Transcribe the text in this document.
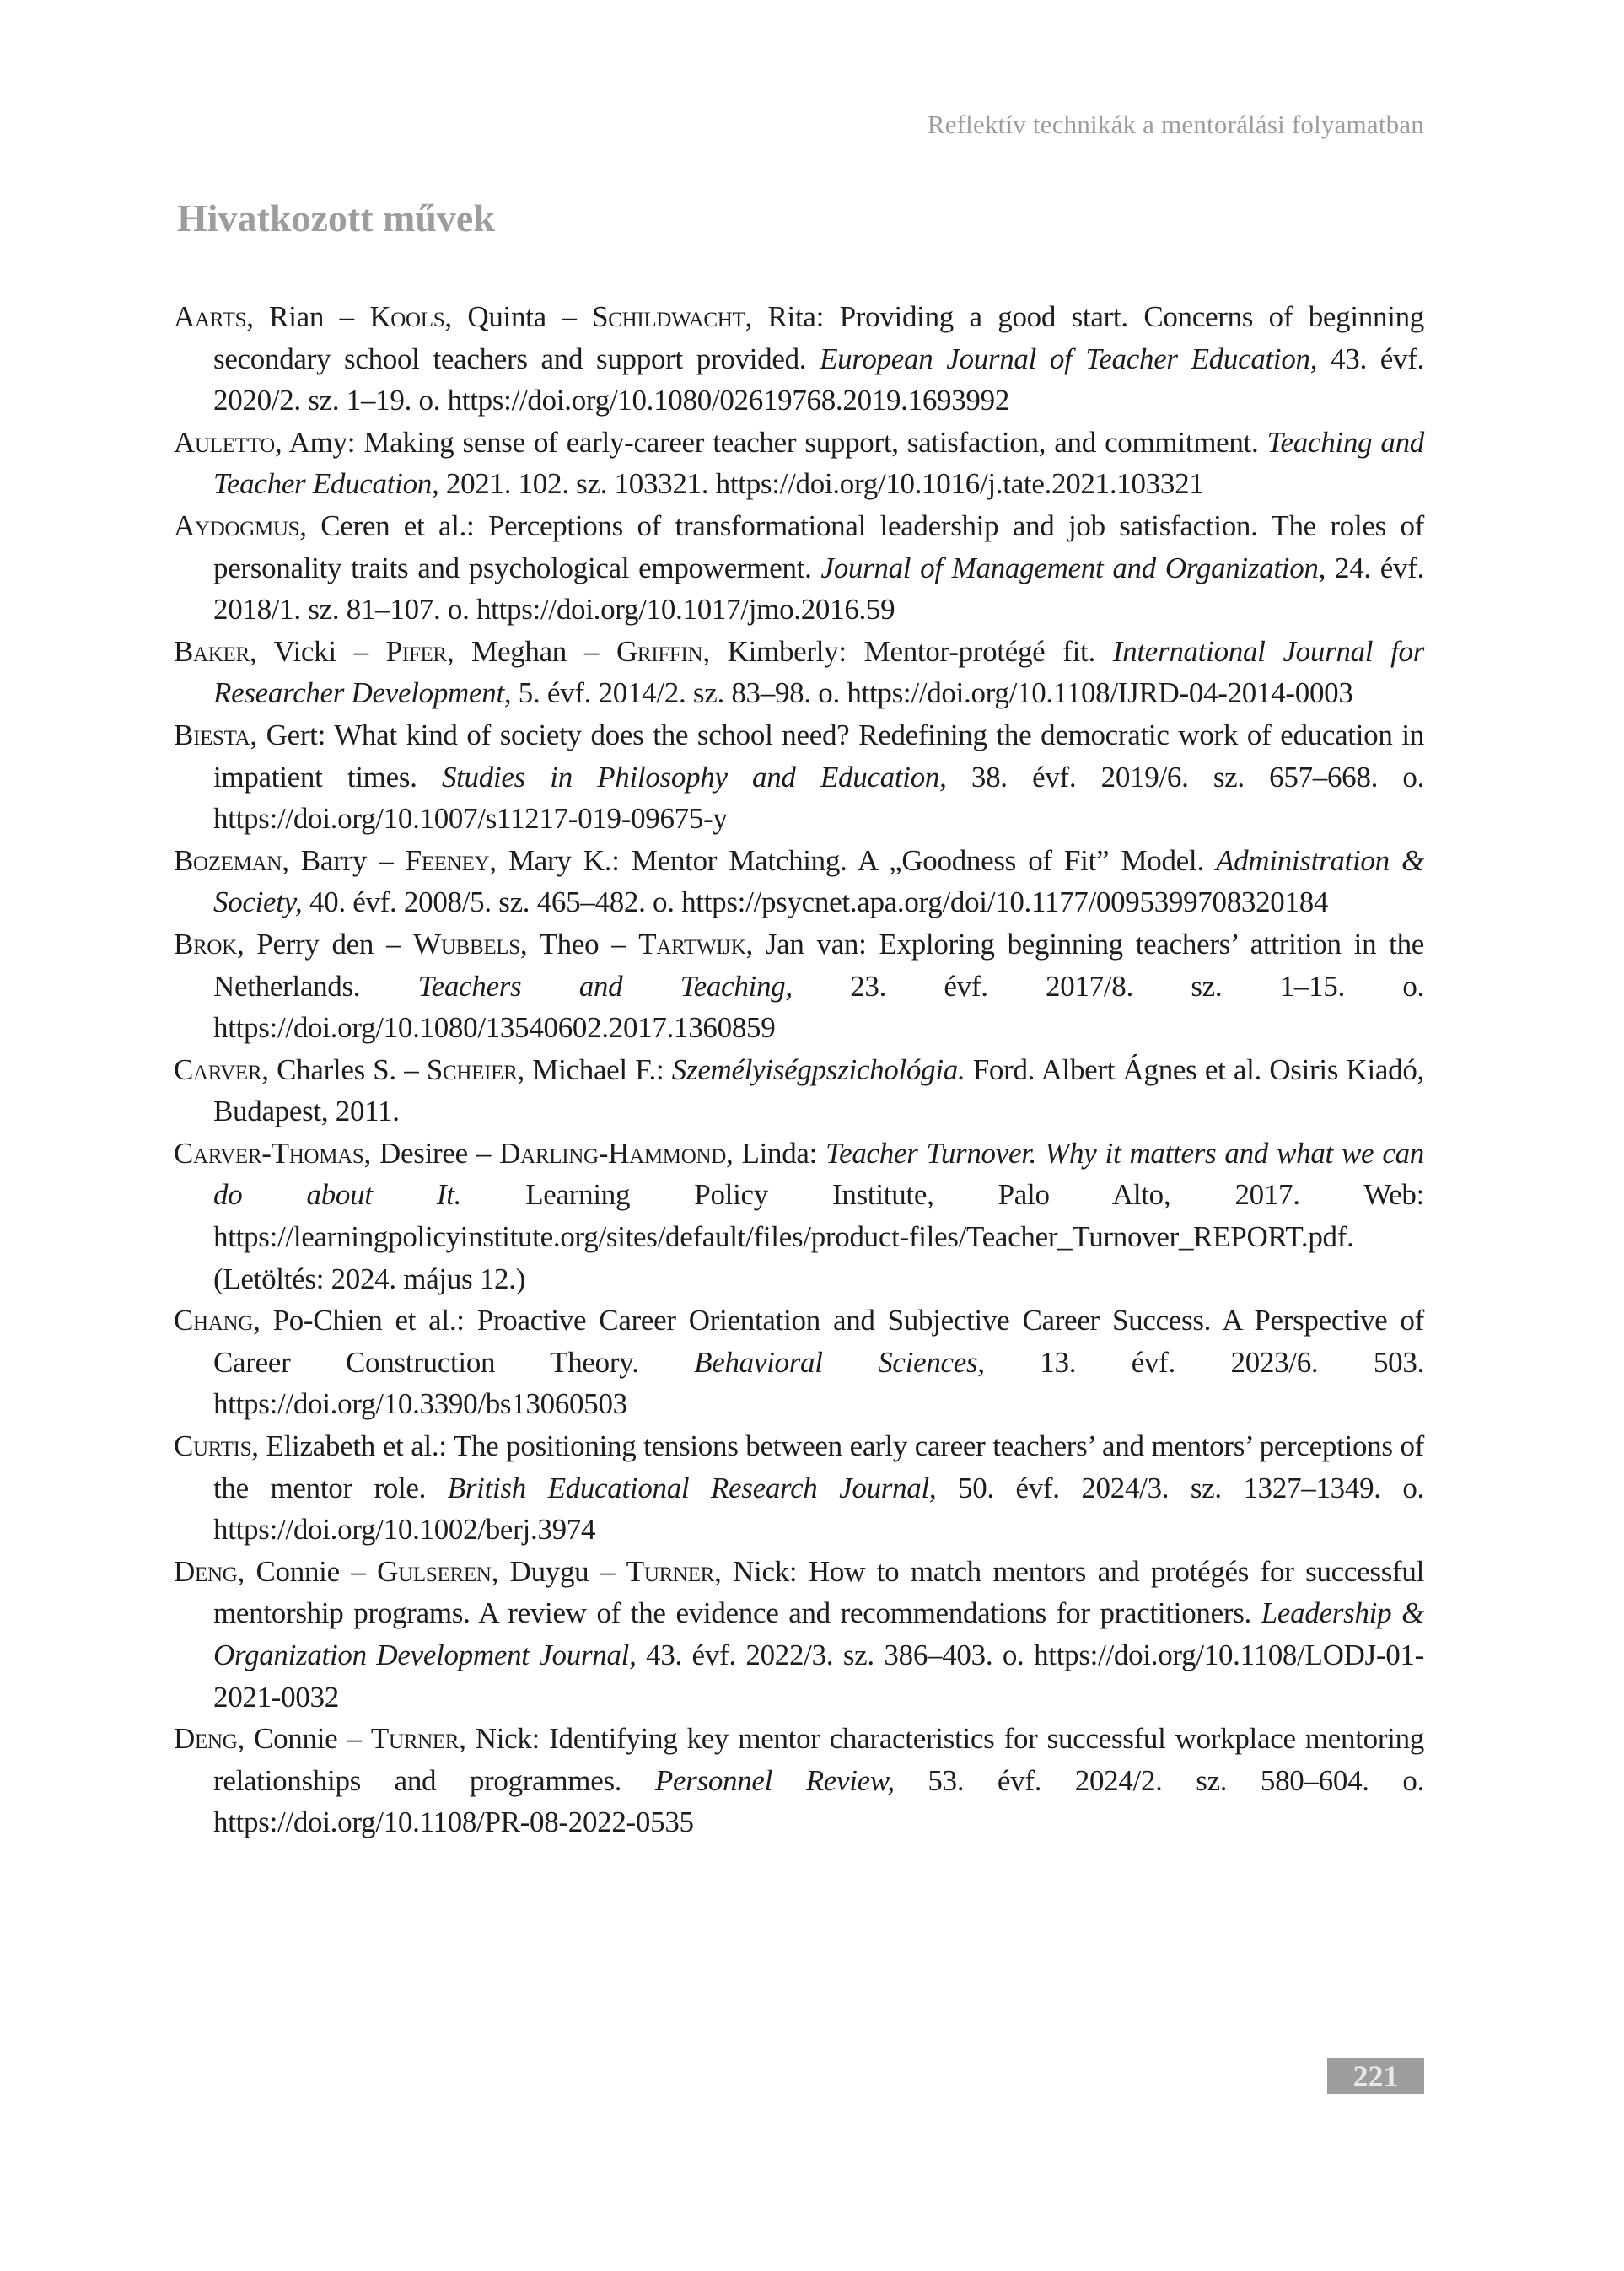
Reflektív technikák a mentorálási folyamatban
Hivatkozott művek
Aarts, Rian – Kools, Quinta – Schildwacht, Rita: Providing a good start. Concerns of beginning secondary school teachers and support provided. European Journal of Teacher Education, 43. évf. 2020/2. sz. 1–19. o. https://doi.org/10.1080/02619768.2019.1693992
Auletto, Amy: Making sense of early-career teacher support, satisfaction, and commitment. Teaching and Teacher Education, 2021. 102. sz. 103321. https://doi.org/10.1016/j.tate.2021.103321
Aydogmus, Ceren et al.: Perceptions of transformational leadership and job satisfaction. The roles of personality traits and psychological empowerment. Journal of Management and Organization, 24. évf. 2018/1. sz. 81–107. o. https://doi.org/10.1017/jmo.2016.59
Baker, Vicki – Pifer, Meghan – Griffin, Kimberly: Mentor-protégé fit. International Journal for Researcher Development, 5. évf. 2014/2. sz. 83–98. o. https://doi.org/10.1108/IJRD-04-2014-0003
Biesta, Gert: What kind of society does the school need? Redefining the democratic work of education in impatient times. Studies in Philosophy and Education, 38. évf. 2019/6. sz. 657–668. o. https://doi.org/10.1007/s11217-019-09675-y
Bozeman, Barry – Feeney, Mary K.: Mentor Matching. A „Goodness of Fit” Model. Administration & Society, 40. évf. 2008/5. sz. 465–482. o. https://psycnet.apa.org/doi/10.1177/0095399708320184
Brok, Perry den – Wubbels, Theo – Tartwijk, Jan van: Exploring beginning teachers’ attrition in the Netherlands. Teachers and Teaching, 23. évf. 2017/8. sz. 1–15. o. https://doi.org/10.1080/13540602.2017.1360859
Carver, Charles S. – Scheier, Michael F.: Személyiségpszichológia. Ford. Albert Ágnes et al. Osiris Kiadó, Budapest, 2011.
Carver-Thomas, Desiree – Darling-Hammond, Linda: Teacher Turnover. Why it matters and what we can do about It. Learning Policy Institute, Palo Alto, 2017. Web: https://learningpolicyinstitute.org/sites/default/files/product-files/Teacher_Turnover_REPORT.pdf. (Letöltés: 2024. május 12.)
Chang, Po-Chien et al.: Proactive Career Orientation and Subjective Career Success. A Perspective of Career Construction Theory. Behavioral Sciences, 13. évf. 2023/6. 503. https://doi.org/10.3390/bs13060503
Curtis, Elizabeth et al.: The positioning tensions between early career teachers’ and mentors’ perceptions of the mentor role. British Educational Research Journal, 50. évf. 2024/3. sz. 1327–1349. o. https://doi.org/10.1002/berj.3974
Deng, Connie – Gulseren, Duygu – Turner, Nick: How to match mentors and protégés for successful mentorship programs. A review of the evidence and recommendations for practitioners. Leadership & Organization Development Journal, 43. évf. 2022/3. sz. 386–403. o. https://doi.org/10.1108/LODJ-01-2021-0032
Deng, Connie – Turner, Nick: Identifying key mentor characteristics for successful workplace mentoring relationships and programmes. Personnel Review, 53. évf. 2024/2. sz. 580–604. o. https://doi.org/10.1108/PR-08-2022-0535
221
